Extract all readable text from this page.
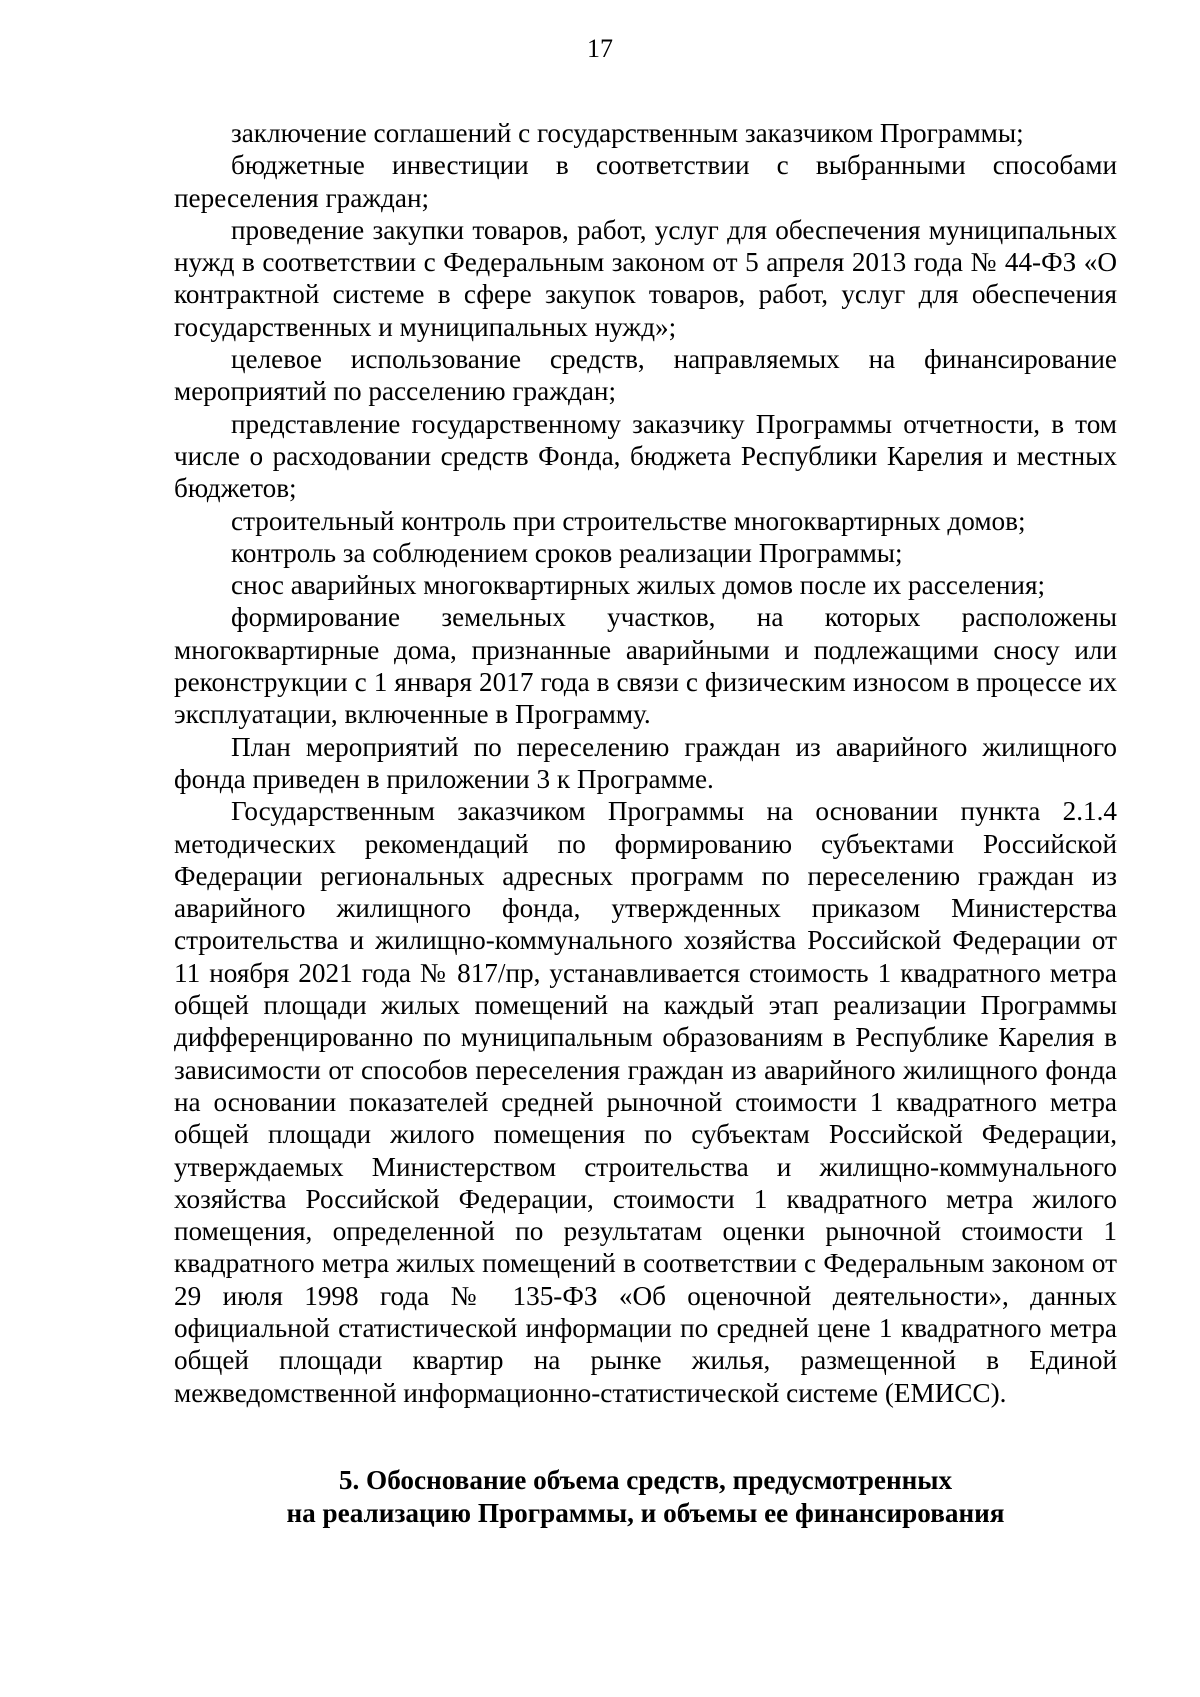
17

заключение соглашений с государственным заказчиком Программы;

бюджетные инвестиции в соответствии с выбранными способами переселения граждан;

проведение закупки товаров, работ, услуг для обеспечения муниципальных нужд в соответствии с Федеральным законом от 5 апреля 2013 года № 44-ФЗ «О контрактной системе в сфере закупок товаров, работ, услуг для обеспечения государственных и муниципальных нужд»;

целевое использование средств, направляемых на финансирование мероприятий по расселению граждан;

представление государственному заказчику Программы отчетности, в том числе о расходовании средств Фонда, бюджета Республики Карелия и местных бюджетов;

строительный контроль при строительстве многоквартирных домов;

контроль за соблюдением сроков реализации Программы;

снос аварийных многоквартирных жилых домов после их расселения;

формирование земельных участков, на которых расположены многоквартирные дома, признанные аварийными и подлежащими сносу или реконструкции с 1 января 2017 года в связи с физическим износом в процессе их эксплуатации, включенные в Программу.

План мероприятий по переселению граждан из аварийного жилищного фонда приведен в приложении 3 к Программе.

Государственным заказчиком Программы на основании пункта 2.1.4 методических рекомендаций по формированию субъектами Российской Федерации региональных адресных программ по переселению граждан из аварийного жилищного фонда, утвержденных приказом Министерства строительства и жилищно-коммунального хозяйства Российской Федерации от 11 ноября 2021 года № 817/пр, устанавливается стоимость 1 квадратного метра общей площади жилых помещений на каждый этап реализации Программы дифференцированно по муниципальным образованиям в Республике Карелия в зависимости от способов переселения граждан из аварийного жилищного фонда на основании показателей средней рыночной стоимости 1 квадратного метра общей площади жилого помещения по субъектам Российской Федерации, утверждаемых Министерством строительства и жилищно-коммунального хозяйства Российской Федерации, стоимости 1 квадратного метра жилого помещения, определенной по результатам оценки рыночной стоимости 1 квадратного метра жилых помещений в соответствии с Федеральным законом от 29 июля 1998 года № 135-ФЗ «Об оценочной деятельности», данных официальной статистической информации по средней цене 1 квадратного метра общей площади квартир на рынке жилья, размещенной в Единой межведомственной информационно-статистической системе (ЕМИСС).

5. Обоснование объема средств, предусмотренных
на реализацию Программы, и объемы ее финансирования
